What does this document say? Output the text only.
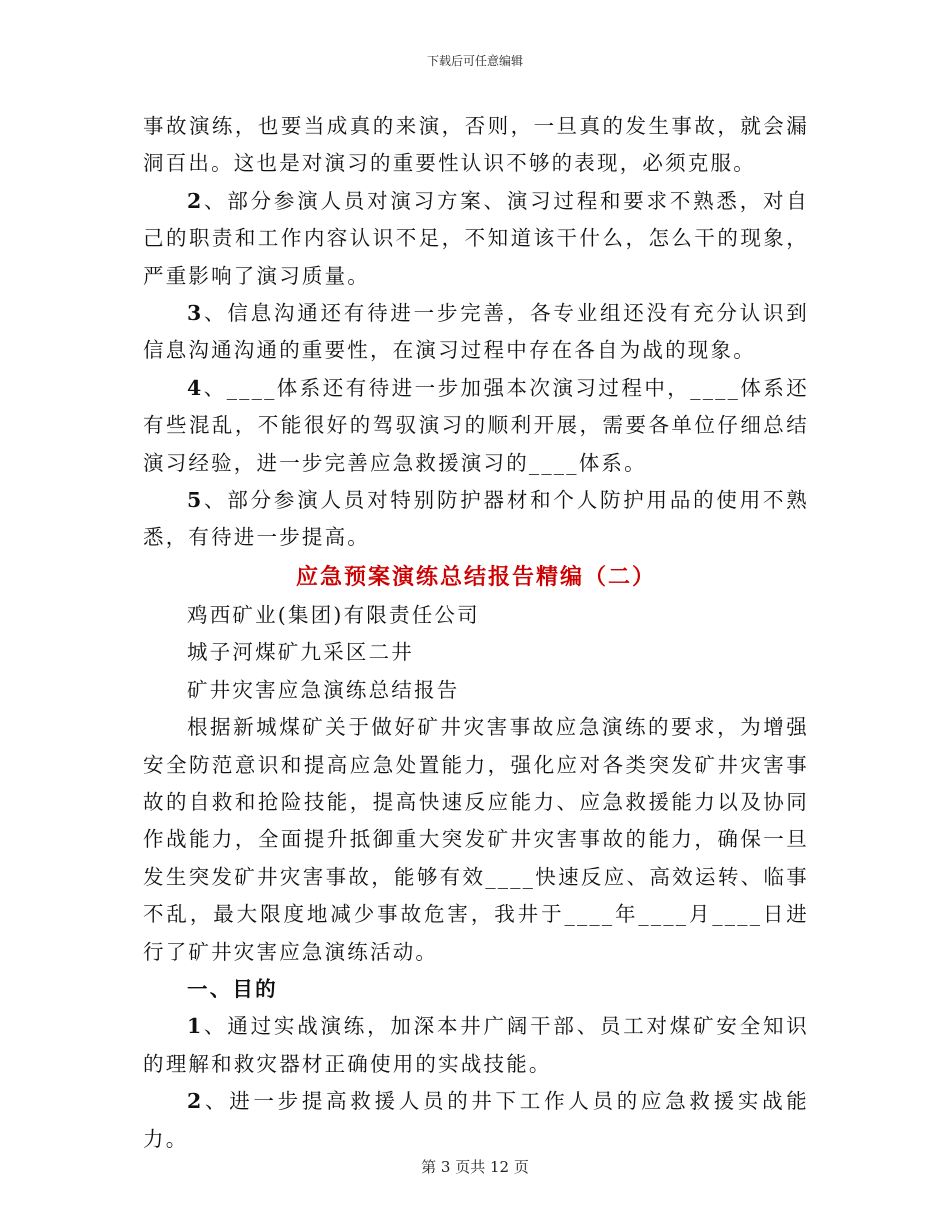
下载后可任意编辑

事故演练，也要当成真的来演，否则，一旦真的发生事故，就会漏洞百出。这也是对演习的重要性认识不够的表现，必须克服。

2、部分参演人员对演习方案、演习过程和要求不熟悉，对自己的职责和工作内容认识不足，不知道该干什么，怎么干的现象，严重影响了演习质量。

3、信息沟通还有待进一步完善，各专业组还没有充分认识到信息沟通沟通的重要性，在演习过程中存在各自为战的现象。

4、____体系还有待进一步加强本次演习过程中，____体系还有些混乱，不能很好的驾驭演习的顺利开展，需要各单位仔细总结演习经验，进一步完善应急救援演习的____体系。

5、部分参演人员对特别防护器材和个人防护用品的使用不熟悉，有待进一步提高。

应急预案演练总结报告精编（二）

鸡西矿业(集团)有限责任公司

城子河煤矿九采区二井

矿井灾害应急演练总结报告

根据新城煤矿关于做好矿井灾害事故应急演练的要求，为增强安全防范意识和提高应急处置能力，强化应对各类突发矿井灾害事故的自救和抢险技能，提高快速反应能力、应急救援能力以及协同作战能力，全面提升抵御重大突发矿井灾害事故的能力，确保一旦发生突发矿井灾害事故，能够有效____快速反应、高效运转、临事不乱，最大限度地减少事故危害，我井于____年____月____日进行了矿井灾害应急演练活动。

一、目的

1、通过实战演练，加深本井广阔干部、员工对煤矿安全知识的理解和救灾器材正确使用的实战技能。

2、进一步提高救援人员的井下工作人员的应急救援实战能力。

第 3 页共 12 页
